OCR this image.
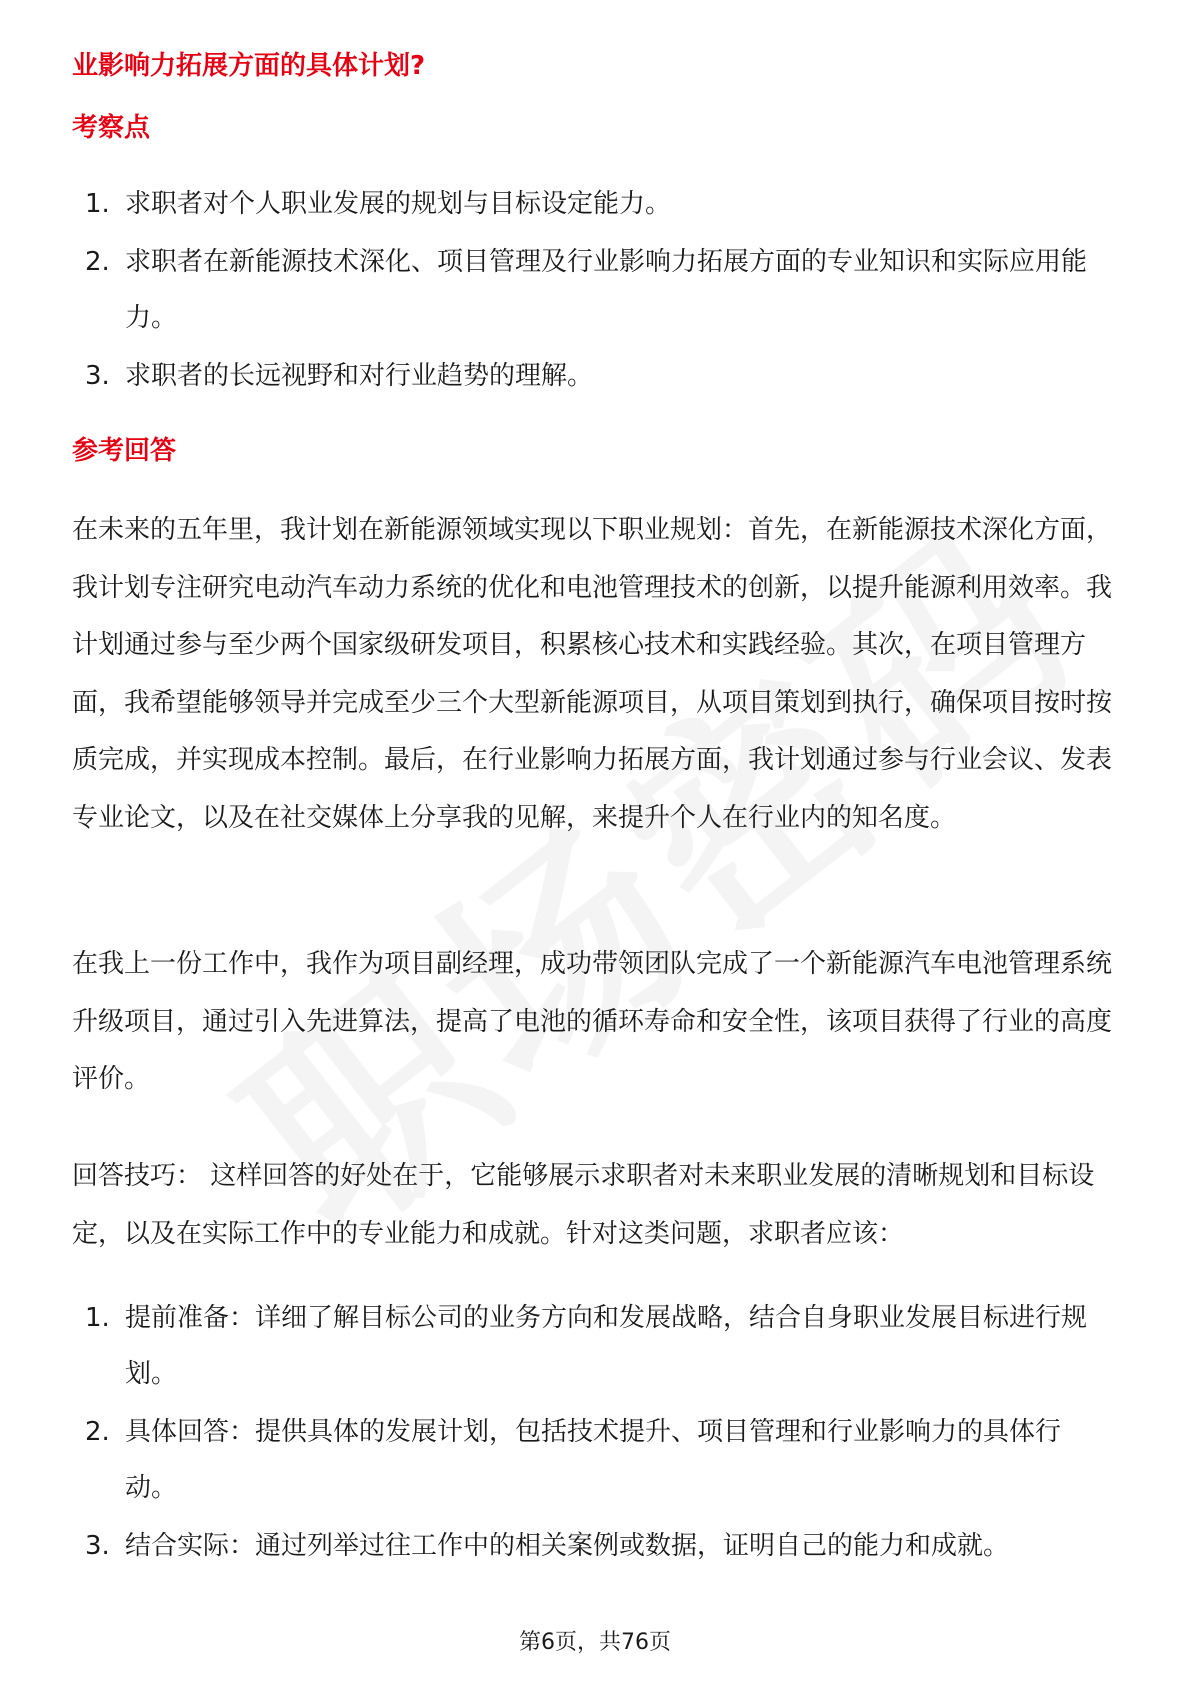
业影响力拓展方面的具体计划?
考察点
1. 求职者对个人职业发展的规划与目标设定能力。
2. 求职者在新能源技术深化、项目管理及行业影响力拓展方面的专业知识和实际应用能力。
3. 求职者的长远视野和对行业趋势的理解。
参考回答

在未来的五年里，我计划在新能源领域实现以下职业规划：首先，在新能源技术深化方面，我计划专注研究电动汽车动力系统的优化和电池管理技术的创新，以提升能源利用效率。我计划通过参与至少两个国家级研发项目，积累核心技术和实践经验。其次，在项目管理方面，我希望能够领导并完成至少三个大型新能源项目，从项目策划到执行，确保项目按时按质完成，并实现成本控制。最后，在行业影响力拓展方面，我计划通过参与行业会议、发表专业论文，以及在社交媒体上分享我的见解，来提升个人在行业内的知名度。

在我上一份工作中，我作为项目副经理，成功带领团队完成了一个新能源汽车电池管理系统升级项目，通过引入先进算法，提高了电池的循环寿命和安全性，该项目获得了行业的高度评价。

回答技巧： 这样回答的好处在于，它能够展示求职者对未来职业发展的清晰规划和目标设定，以及在实际工作中的专业能力和成就。针对这类问题，求职者应该：

1. 提前准备：详细了解目标公司的业务方向和发展战略，结合自身职业发展目标进行规划。
2. 具体回答：提供具体的发展计划，包括技术提升、项目管理和行业影响力的具体行动。
3. 结合实际：通过列举过往工作中的相关案例或数据，证明自己的能力和成就。
第6页，共76页
